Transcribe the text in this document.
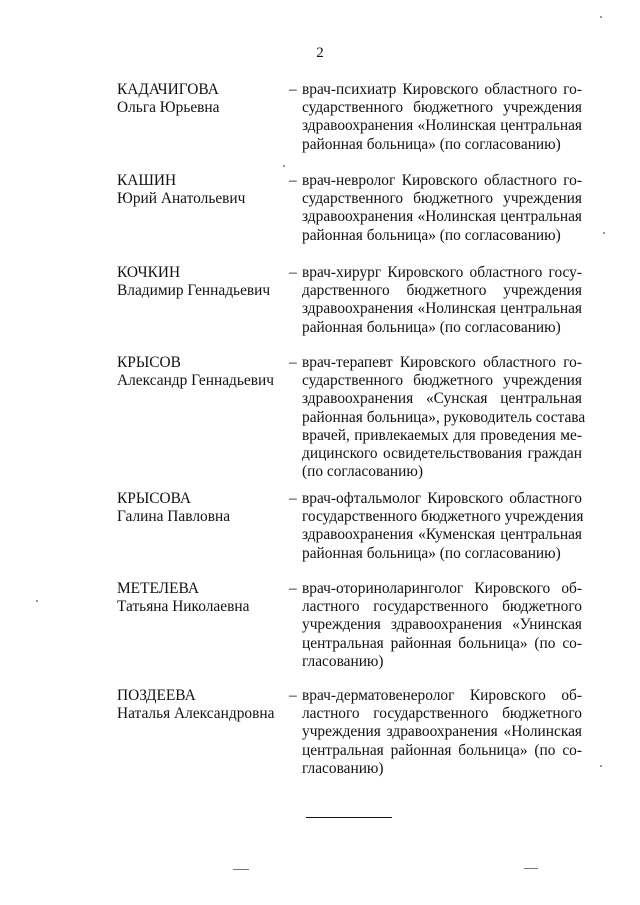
2
КАДАЧИГОВА
Ольга Юрьевна
– врач-психиатр Кировского областного го-
сударственного бюджетного учреждения
здравоохранения «Нолинская центральная
районная больница» (по согласованию)
КАШИН
Юрий Анатольевич
– врач-невролог Кировского областного го-
сударственного бюджетного учреждения
здравоохранения «Нолинская центральная
районная больница» (по согласованию)
КОЧКИН
Владимир Геннадьевич
– врач-хирург Кировского областного госу-
дарственного бюджетного учреждения
здравоохранения «Нолинская центральная
районная больница» (по согласованию)
КРЫСОВ
Александр Геннадьевич
– врач-терапевт Кировского областного го-
сударственного бюджетного учреждения
здравоохранения «Сунская центральная
районная больница», руководитель состава
врачей, привлекаемых для проведения ме-
дицинского освидетельствования граждан
(по согласованию)
КРЫСОВА
Галина Павловна
– врач-офтальмолог Кировского областного
государственного бюджетного учреждения
здравоохранения «Куменская центральная
районная больница» (по согласованию)
МЕТЕЛЕВА
Татьяна Николаевна
– врач-оториноларинголог Кировского об-
ластного государственного бюджетного
учреждения здравоохранения «Унинская
центральная районная больница» (по со-
гласованию)
ПОЗДЕЕВА
Наталья Александровна
– врач-дерматовенеролог Кировского об-
ластного государственного бюджетного
учреждения здравоохранения «Нолинская
центральная районная больница» (по со-
гласованию)
